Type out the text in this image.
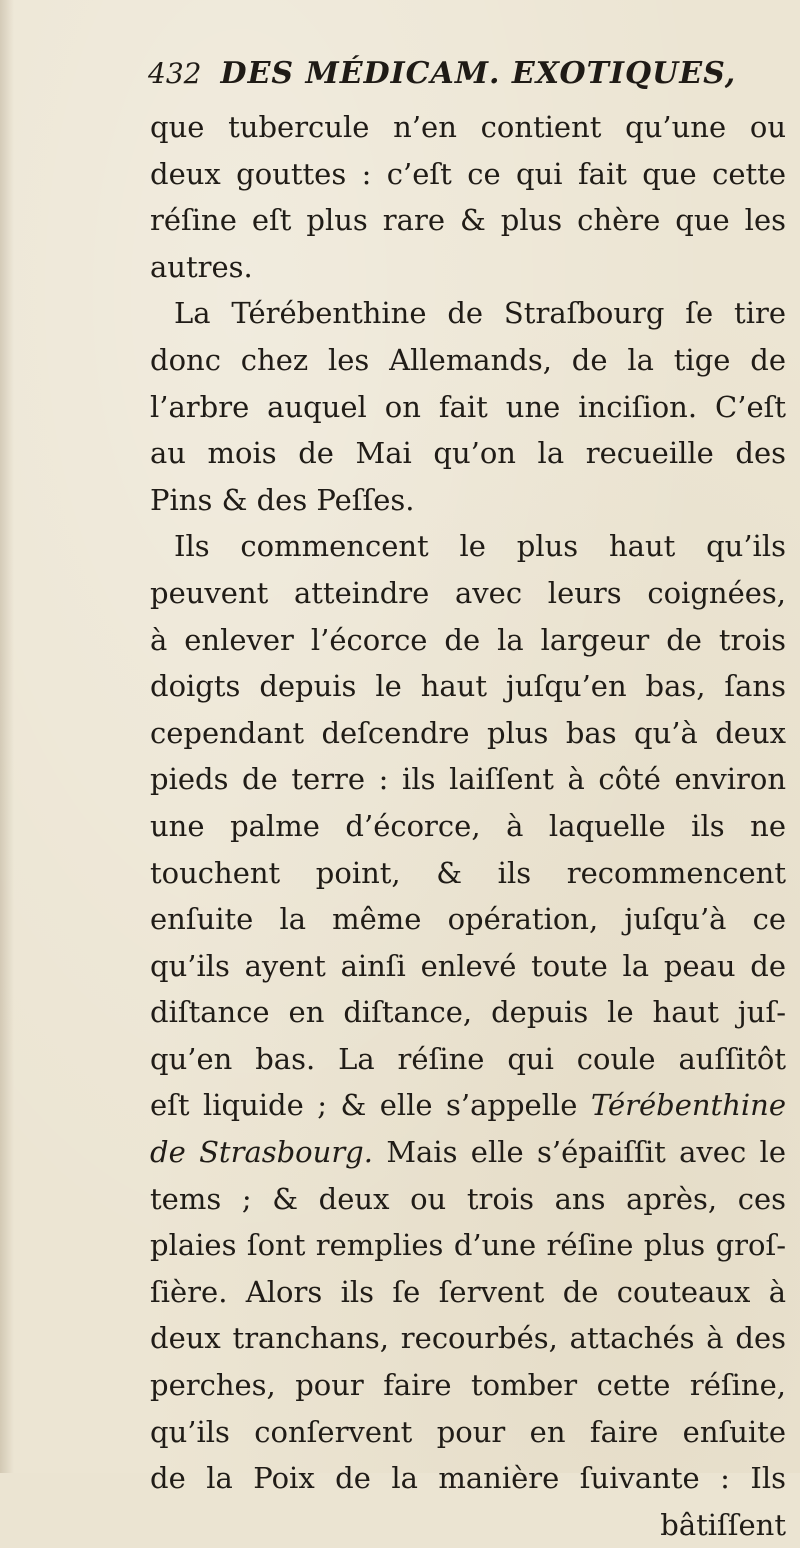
432 DES MÉDICAM. EXOTIQUES,
que tubercule n’en contient qu’une ou
deux gouttes : c’eſt ce qui fait que cette
réſine eſt plus rare & plus chère que les
autres.
La Térébenthine de Straſbourg ſe tire
donc chez les Allemands, de la tige de
l’arbre auquel on fait une inciſion. C’eſt
au mois de Mai qu’on la recueille des
Pins & des Peſſes.
Ils commencent le plus haut qu’ils
peuvent atteindre avec leurs coignées,
à enlever l’écorce de la largeur de trois
doigts depuis le haut juſqu’en bas, ſans
cependant deſcendre plus bas qu’à deux
pieds de terre : ils laiſſent à côté environ
une palme d’écorce, à laquelle ils ne
touchent point, & ils recommencent
enſuite la même opération, juſqu’à ce
qu’ils ayent ainſi enlevé toute la peau de
diſtance en diſtance, depuis le haut juſ-
qu’en bas. La réſine qui coule auſſitôt
eſt liquide ; & elle s’appelle Térébenthine
de Strasbourg. Mais elle s’épaiſſit avec le
tems ; & deux ou trois ans après, ces
plaies ſont remplies d’une réſine plus groſ-
ſière. Alors ils ſe ſervent de couteaux à
deux tranchans, recourbés, attachés à des
perches, pour faire tomber cette réſine,
qu’ils conſervent pour en faire enſuite
de la Poix de la manière ſuivante : Ils
bâtiſſent
